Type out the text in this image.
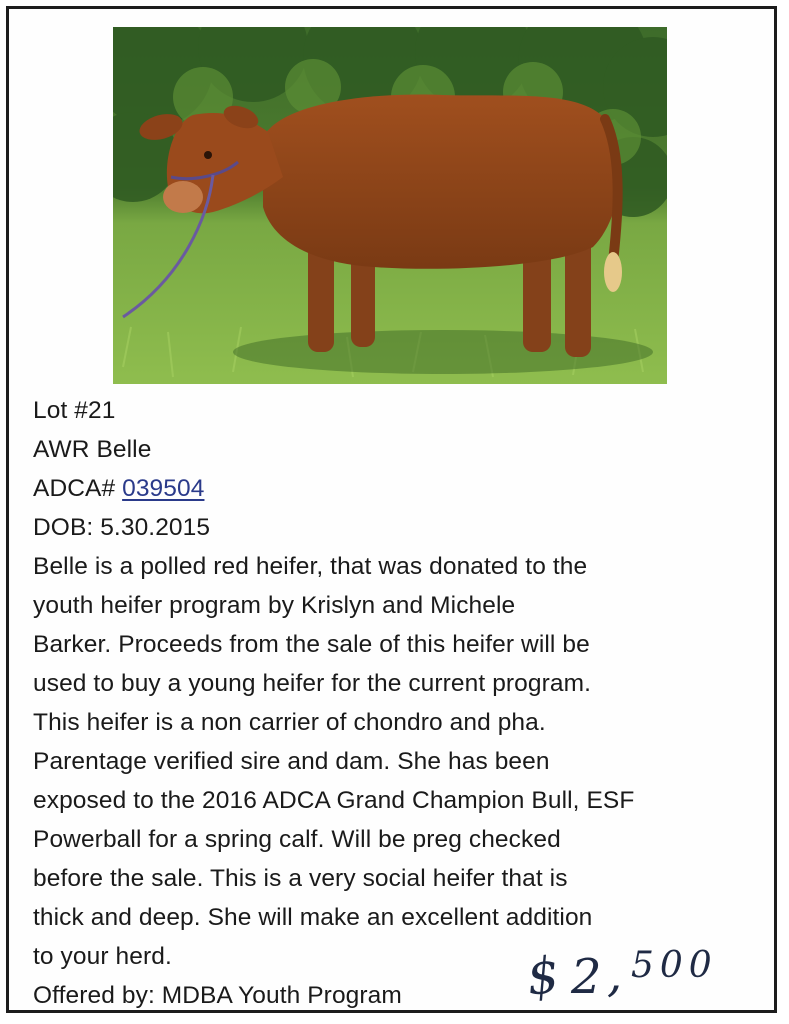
Lot #21
AWR Belle
ADCA# 039504
DOB: 5.30.2015
Belle is a polled red heifer, that was donated to the
youth heifer program by Krislyn and Michele
Barker. Proceeds from the sale of this heifer will be
used to buy a young heifer for the current program.
This heifer is a non carrier of chondro and pha.
Parentage verified sire and dam. She has been
exposed to the 2016 ADCA Grand Champion Bull, ESF
Powerball for a spring calf. Will be preg checked
before the sale. This is a very social heifer that is
thick and deep. She will make an excellent addition
to your herd.
Offered by: MDBA Youth Program	$ 2 , 500
